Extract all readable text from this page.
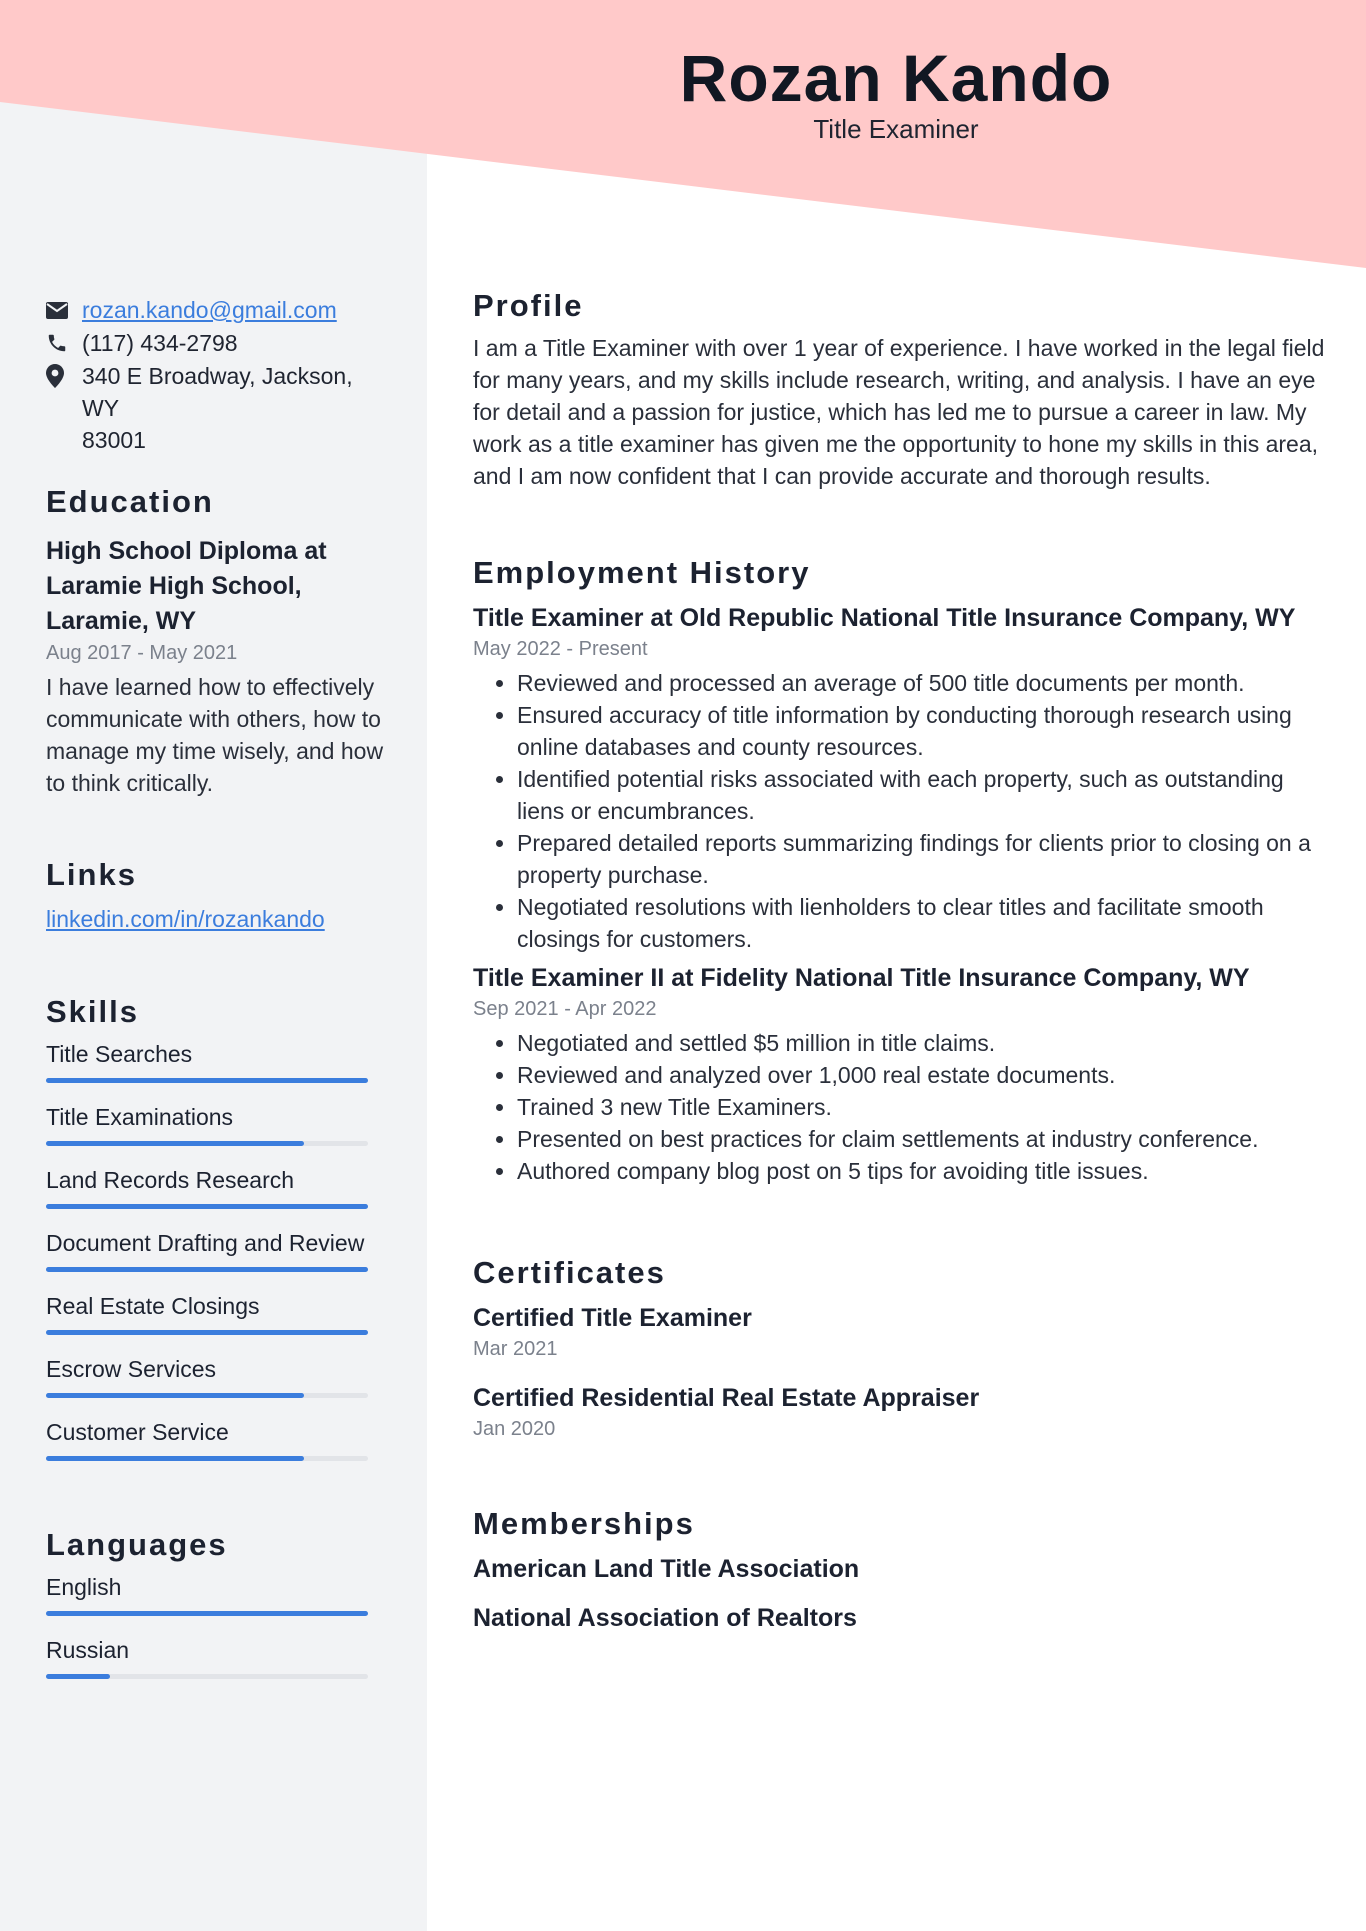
Rozan Kando
Title Examiner
rozan.kando@gmail.com
(117) 434-2798
340 E Broadway, Jackson, WY
83001
Education
High School Diploma at
Laramie High School,
Laramie, WY
Aug 2017 - May 2021
I have learned how to effectively communicate with others, how to manage my time wisely, and how to think critically.
Links
linkedin.com/in/rozankando
Skills
Title Searches
Title Examinations
Land Records Research
Document Drafting and Review
Real Estate Closings
Escrow Services
Customer Service
Languages
English
Russian
Profile
I am a Title Examiner with over 1 year of experience. I have worked in the legal field for many years, and my skills include research, writing, and analysis. I have an eye for detail and a passion for justice, which has led me to pursue a career in law. My work as a title examiner has given me the opportunity to hone my skills in this area, and I am now confident that I can provide accurate and thorough results.
Employment History
Title Examiner at Old Republic National Title Insurance Company, WY
May 2022 - Present
• Reviewed and processed an average of 500 title documents per month.
• Ensured accuracy of title information by conducting thorough research using online databases and county resources.
• Identified potential risks associated with each property, such as outstanding liens or encumbrances.
• Prepared detailed reports summarizing findings for clients prior to closing on a property purchase.
• Negotiated resolutions with lienholders to clear titles and facilitate smooth closings for customers.
Title Examiner II at Fidelity National Title Insurance Company, WY
Sep 2021 - Apr 2022
• Negotiated and settled $5 million in title claims.
• Reviewed and analyzed over 1,000 real estate documents.
• Trained 3 new Title Examiners.
• Presented on best practices for claim settlements at industry conference.
• Authored company blog post on 5 tips for avoiding title issues.
Certificates
Certified Title Examiner
Mar 2021
Certified Residential Real Estate Appraiser
Jan 2020
Memberships
American Land Title Association
National Association of Realtors
